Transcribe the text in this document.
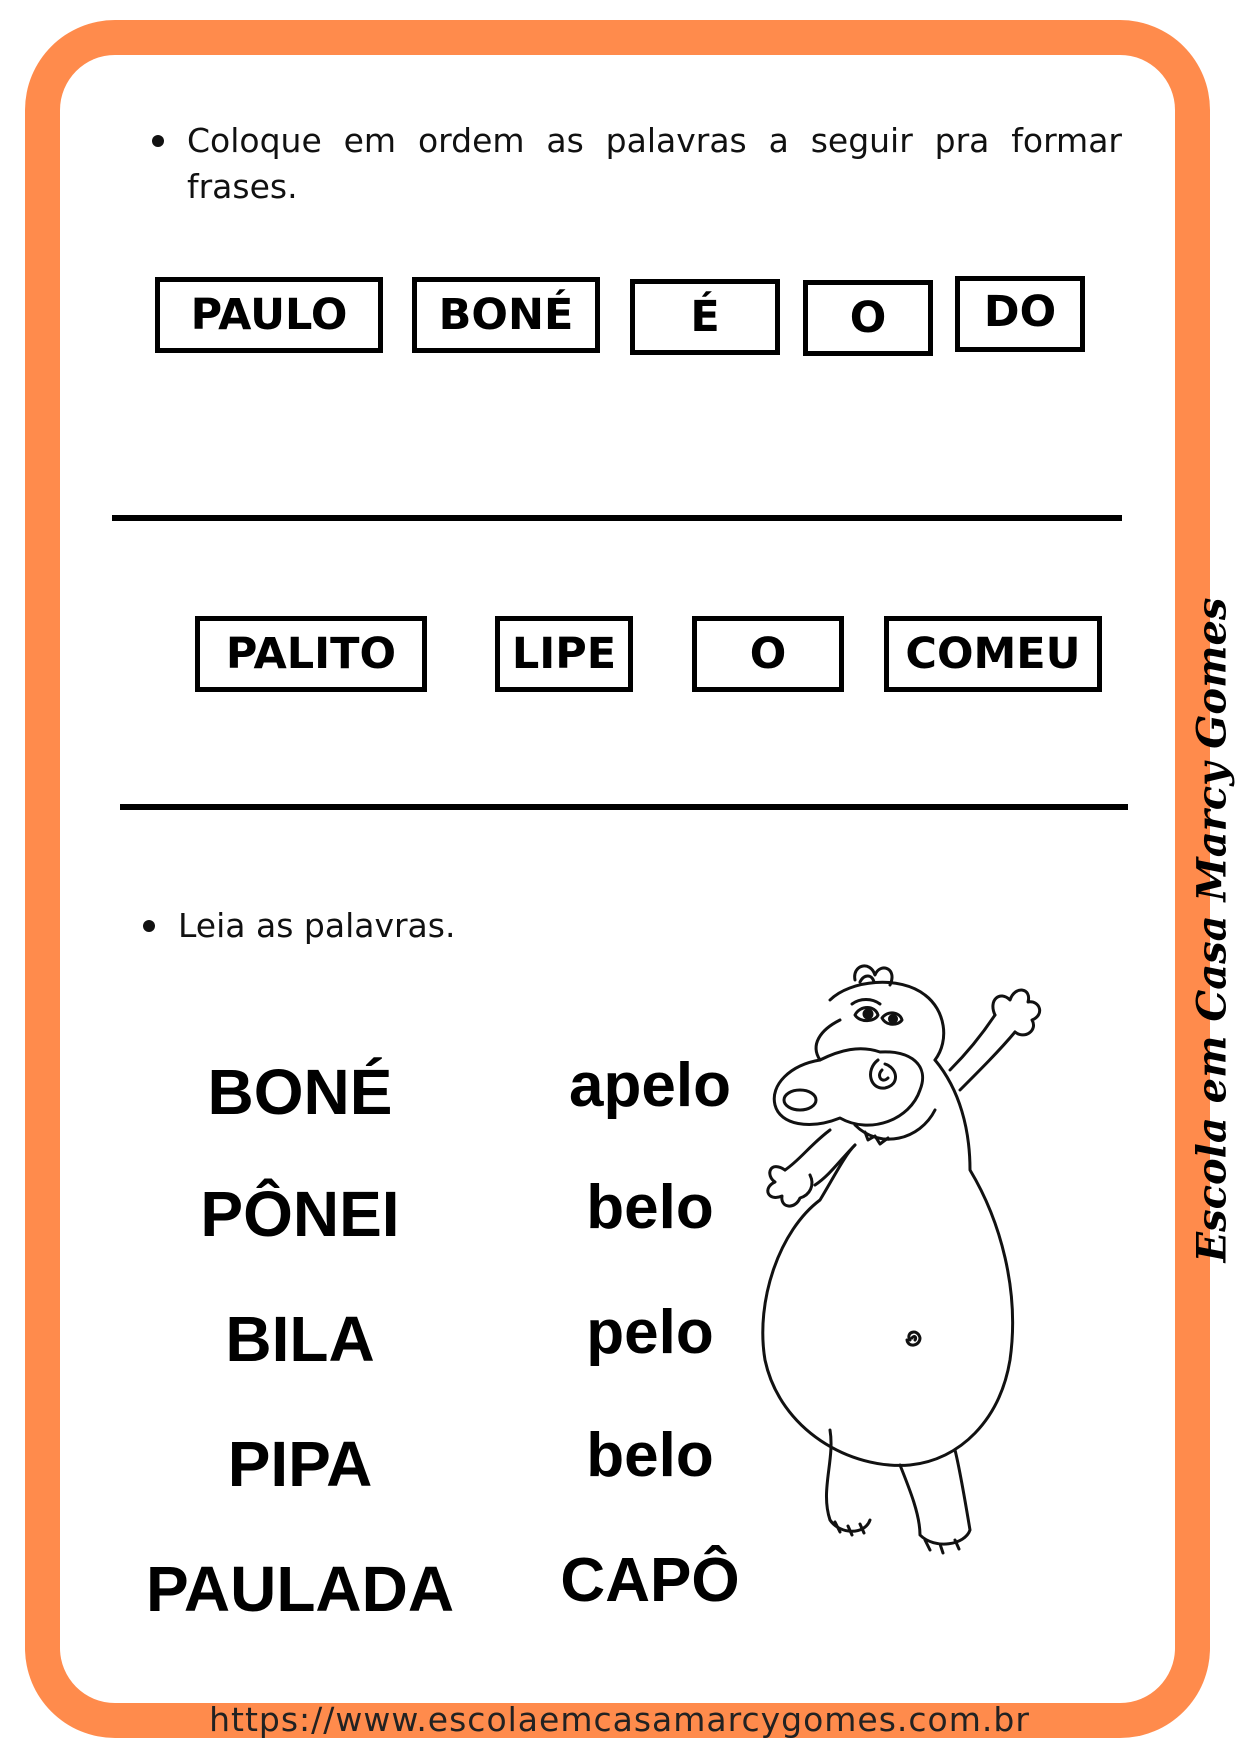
Coloque em ordem as palavras a seguir pra formar frases.
PAULO	BONÉ	É	O	DO
PALITO	LIPE	O	COMEU
Leia as palavras.
BONÉ
PÔNEI
BILA
PIPA
PAULADA
apelo
belo
pelo
belo
CAPÔ
Escola em Casa Marcy Gomes
https://www.escolaemcasamarcygomes.com.br
